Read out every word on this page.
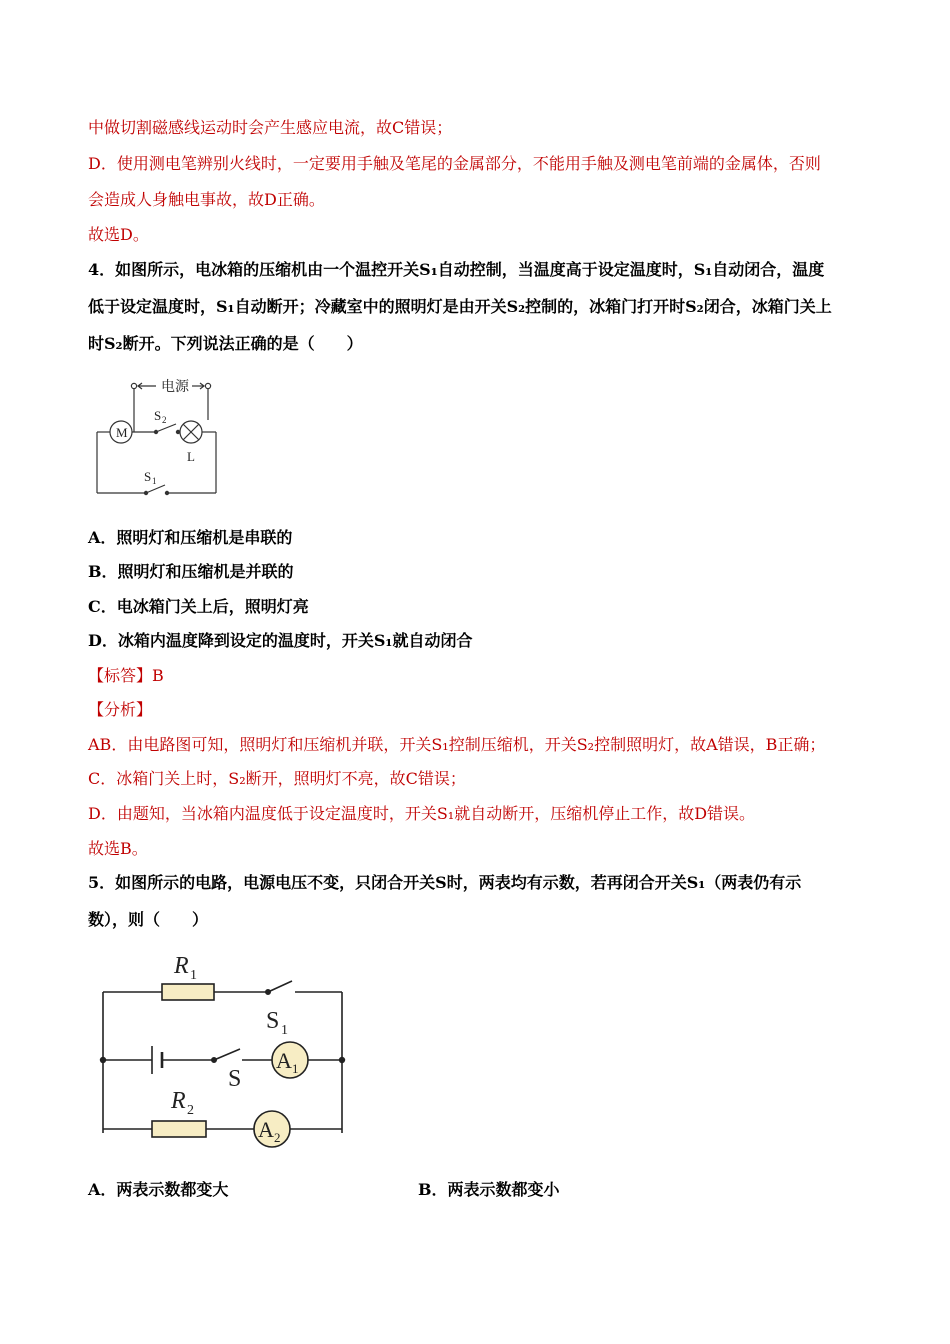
中做切割磁感线运动时会产生感应电流，故C错误；
D．使用测电笔辨别火线时，一定要用手触及笔尾的金属部分，不能用手触及测电笔前端的金属体，否则
会造成人身触电事故，故D正确。
故选D。
4．如图所示，电冰箱的压缩机由一个温控开关S₁自动控制，当温度高于设定温度时，S₁自动闭合，温度
低于设定温度时，S₁自动断开；冷藏室中的照明灯是由开关S₂控制的，冰箱门打开时S₂闭合，冰箱门关上
时S₂断开。下列说法正确的是（　　）
电源
M
S 2
L
S 1
A．照明灯和压缩机是串联的
B．照明灯和压缩机是并联的
C．电冰箱门关上后，照明灯亮
D．冰箱内温度降到设定的温度时，开关S₁就自动闭合
【标答】B
【分析】
AB．由电路图可知，照明灯和压缩机并联，开关S₁控制压缩机，开关S₂控制照明灯，故A错误，B正确；
C．冰箱门关上时，S₂断开，照明灯不亮，故C错误；
D．由题知，当冰箱内温度低于设定温度时，开关S₁就自动断开，压缩机停止工作，故D错误。
故选B。
5．如图所示的电路，电源电压不变，只闭合开关S时，两表均有示数，若再闭合开关S₁（两表仍有示
数），则（　　）
R 1
S 1
S
A 1
R 2
A 2
A．两表示数都变大	B．两表示数都变小
